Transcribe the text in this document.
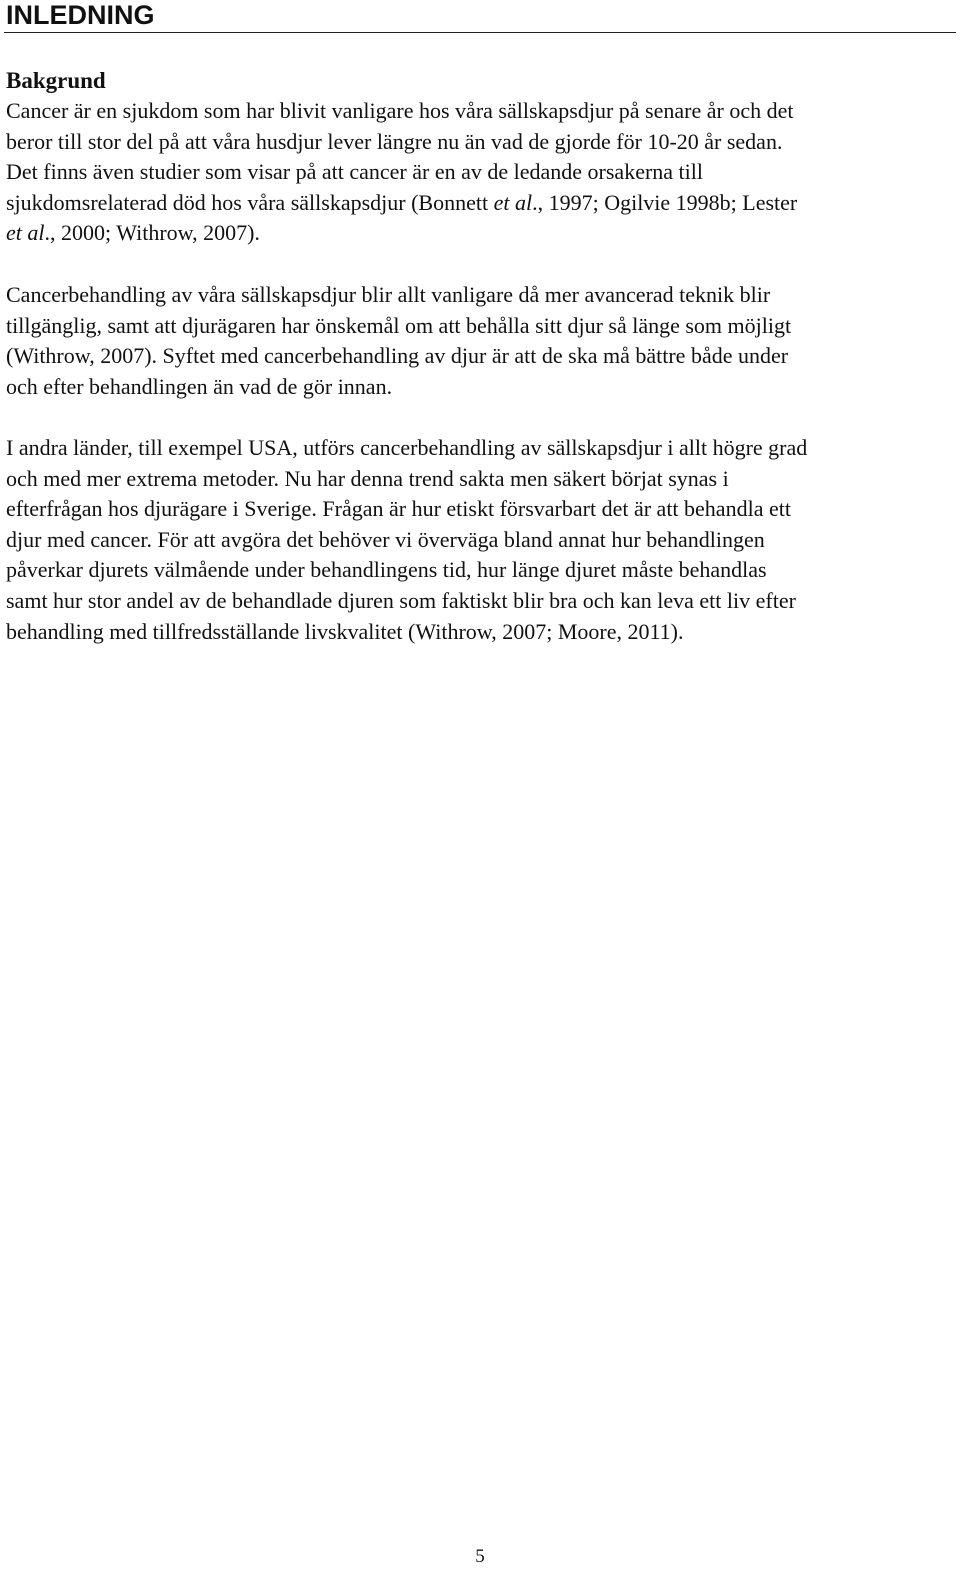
INLEDNING
Bakgrund

Cancer är en sjukdom som har blivit vanligare hos våra sällskapsdjur på senare år och det
beror till stor del på att våra husdjur lever längre nu än vad de gjorde för 10-20 år sedan.
Det finns även studier som visar på att cancer är en av de ledande orsakerna till
sjukdomsrelaterad död hos våra sällskapsdjur (Bonnett et al., 1997; Ogilvie 1998b; Lester
et al., 2000; Withrow, 2007).

Cancerbehandling av våra sällskapsdjur blir allt vanligare då mer avancerad teknik blir
tillgänglig, samt att djurägaren har önskemål om att behålla sitt djur så länge som möjligt
(Withrow, 2007). Syftet med cancerbehandling av djur är att de ska må bättre både under
och efter behandlingen än vad de gör innan.

I andra länder, till exempel USA, utförs cancerbehandling av sällskapsdjur i allt högre grad
och med mer extrema metoder. Nu har denna trend sakta men säkert börjat synas i
efterfrågan hos djurägare i Sverige. Frågan är hur etiskt försvarbart det är att behandla ett
djur med cancer. För att avgöra det behöver vi överväga bland annat hur behandlingen
påverkar djurets välmående under behandlingens tid, hur länge djuret måste behandlas
samt hur stor andel av de behandlade djuren som faktiskt blir bra och kan leva ett liv efter
behandling med tillfredsställande livskvalitet (Withrow, 2007; Moore, 2011).

5
